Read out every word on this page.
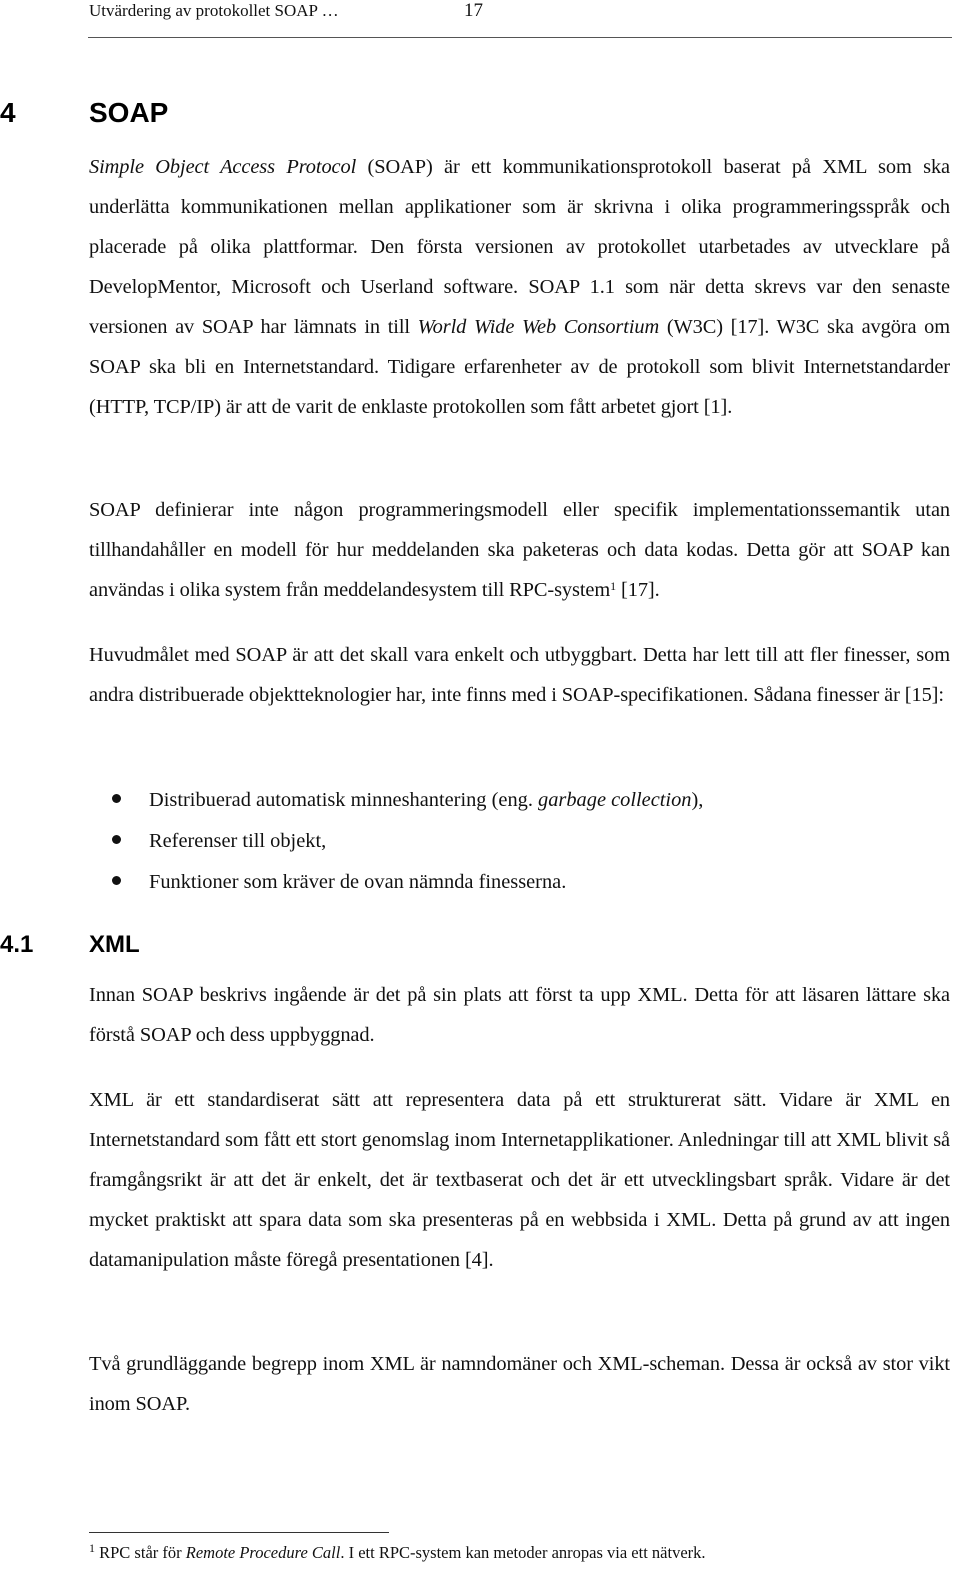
Utvärdering av protokollet SOAP …	17
4	SOAP

Simple Object Access Protocol (SOAP) är ett kommunikationsprotokoll baserat på XML som ska underlätta kommunikationen mellan applikationer som är skrivna i olika programmeringsspråk och placerade på olika plattformar. Den första versionen av protokollet utarbetades av utvecklare på DevelopMentor, Microsoft och Userland software. SOAP 1.1 som när detta skrevs var den senaste versionen av SOAP har lämnats in till World Wide Web Consortium (W3C) [17]. W3C ska avgöra om SOAP ska bli en Internetstandard. Tidigare erfarenheter av de protokoll som blivit Internetstandarder (HTTP, TCP/IP) är att de varit de enklaste protokollen som fått arbetet gjort [1].

SOAP definierar inte någon programmeringsmodell eller specifik implementationssemantik utan tillhandahåller en modell för hur meddelanden ska paketeras och data kodas. Detta gör att SOAP kan användas i olika system från meddelandesystem till RPC-system$^1$ [17].

Huvudmålet med SOAP är att det skall vara enkelt och utbyggbart. Detta har lett till att fler finesser, som andra distribuerade objektteknologier har, inte finns med i SOAP-specifikationen. Sådana finesser är [15]:

Distribuerad automatisk minneshantering (eng. garbage collection),
Referenser till objekt,
Funktioner som kräver de ovan nämnda finesserna.
4.1 XML

Innan SOAP beskrivs ingående är det på sin plats att först ta upp XML. Detta för att läsaren lättare ska förstå SOAP och dess uppbyggnad.

XML är ett standardiserat sätt att representera data på ett strukturerat sätt. Vidare är XML en Internetstandard som fått ett stort genomslag inom Internetapplikationer. Anledningar till att XML blivit så framgångsrikt är att det är enkelt, det är textbaserat och det är ett utvecklingsbart språk. Vidare är det mycket praktiskt att spara data som ska presenteras på en webbsida i XML. Detta på grund av att ingen datamanipulation måste föregå presentationen [4].

Två grundläggande begrepp inom XML är namndomäner och XML-scheman. Dessa är också av stor vikt inom SOAP.

$^1$ RPC står för Remote Procedure Call. I ett RPC-system kan metoder anropas via ett nätverk.
